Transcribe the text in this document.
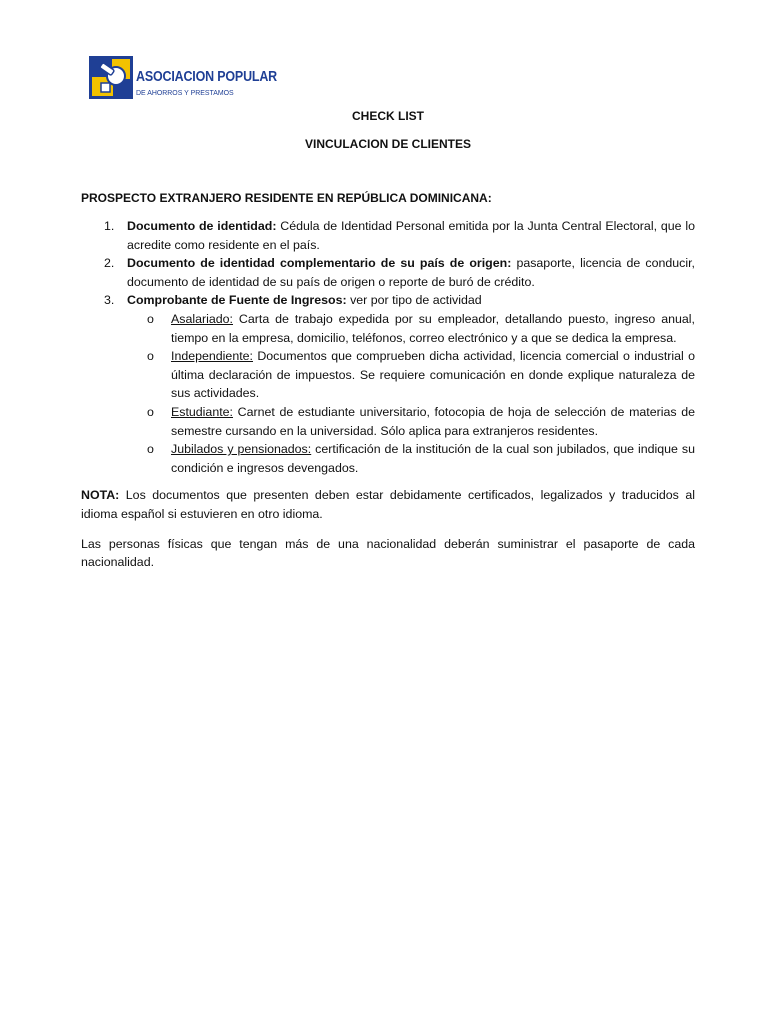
ASOCIACION POPULAR
DE AHORROS Y PRESTAMOS
CHECK LIST
VINCULACION DE CLIENTES
PROSPECTO EXTRANJERO RESIDENTE EN REPÚBLICA DOMINICANA:
1. Documento de identidad: Cédula de Identidad Personal emitida por la Junta Central Electoral, que lo acredite como residente en el país.
2. Documento de identidad complementario de su país de origen: pasaporte, licencia de conducir, documento de identidad de su país de origen o reporte de buró de crédito.
3. Comprobante de Fuente de Ingresos: ver por tipo de actividad
o Asalariado: Carta de trabajo expedida por su empleador, detallando puesto, ingreso anual, tiempo en la empresa, domicilio, teléfonos, correo electrónico y a que se dedica la empresa.
o Independiente: Documentos que comprueben dicha actividad, licencia comercial o industrial o última declaración de impuestos. Se requiere comunicación en donde explique naturaleza de sus actividades.
o Estudiante: Carnet de estudiante universitario, fotocopia de hoja de selección de materias de semestre cursando en la universidad. Sólo aplica para extranjeros residentes.
o Jubilados y pensionados: certificación de la institución de la cual son jubilados, que indique su condición e ingresos devengados.

NOTA: Los documentos que presenten deben estar debidamente certificados, legalizados y traducidos al idioma español si estuvieren en otro idioma.

Las personas físicas que tengan más de una nacionalidad deberán suministrar el pasaporte de cada nacionalidad.
